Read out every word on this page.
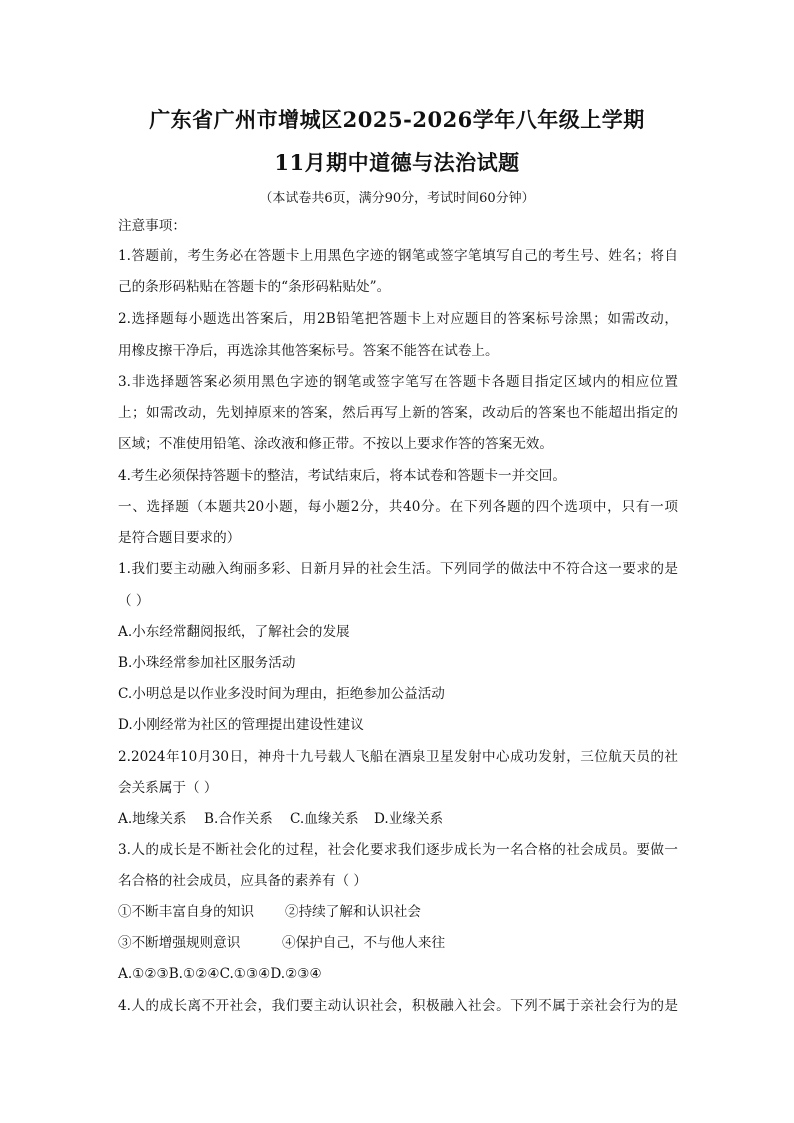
广东省广州市增城区2025-2026学年八年级上学期
11月期中道德与法治试题
（本试卷共6页，满分90分，考试时间60分钟）
注意事项：
1.答题前，考生务必在答题卡上用黑色字迹的钢笔或签字笔填写自己的考生号、姓名；将自
己的条形码粘贴在答题卡的“条形码粘贴处”。
2.选择题每小题选出答案后，用2B铅笔把答题卡上对应题目的答案标号涂黑；如需改动，
用橡皮擦干净后，再选涂其他答案标号。答案不能答在试卷上。
3.非选择题答案必须用黑色字迹的钢笔或签字笔写在答题卡各题目指定区域内的相应位置
上；如需改动，先划掉原来的答案，然后再写上新的答案，改动后的答案也不能超出指定的
区域；不准使用铅笔、涂改液和修正带。不按以上要求作答的答案无效。
4.考生必须保持答题卡的整洁，考试结束后，将本试卷和答题卡一并交回。
一、选择题（本题共20小题，每小题2分，共40分。在下列各题的四个选项中，只有一项
是符合题目要求的）
1.我们要主动融入绚丽多彩、日新月异的社会生活。下列同学的做法中不符合这一要求的是
（ ）
A.小东经常翻阅报纸，了解社会的发展
B.小珠经常参加社区服务活动
C.小明总是以作业多没时间为理由，拒绝参加公益活动
D.小刚经常为社区的管理提出建设性建议
2.2024年10月30日，神舟十九号载人飞船在酒泉卫星发射中心成功发射，三位航天员的社
会关系属于（ ）
A.地缘关系 B.合作关系 C.血缘关系 D.业缘关系
3.人的成长是不断社会化的过程，社会化要求我们逐步成长为一名合格的社会成员。要做一
名合格的社会成员，应具备的素养有（ ）
①不断丰富自身的知识 ②持续了解和认识社会
③不断增强规则意识	④保护自己，不与他人来往
A.①②③B.①②④C.①③④D.②③④
4.人的成长离不开社会，我们要主动认识社会，积极融入社会。下列不属于亲社会行为的是
